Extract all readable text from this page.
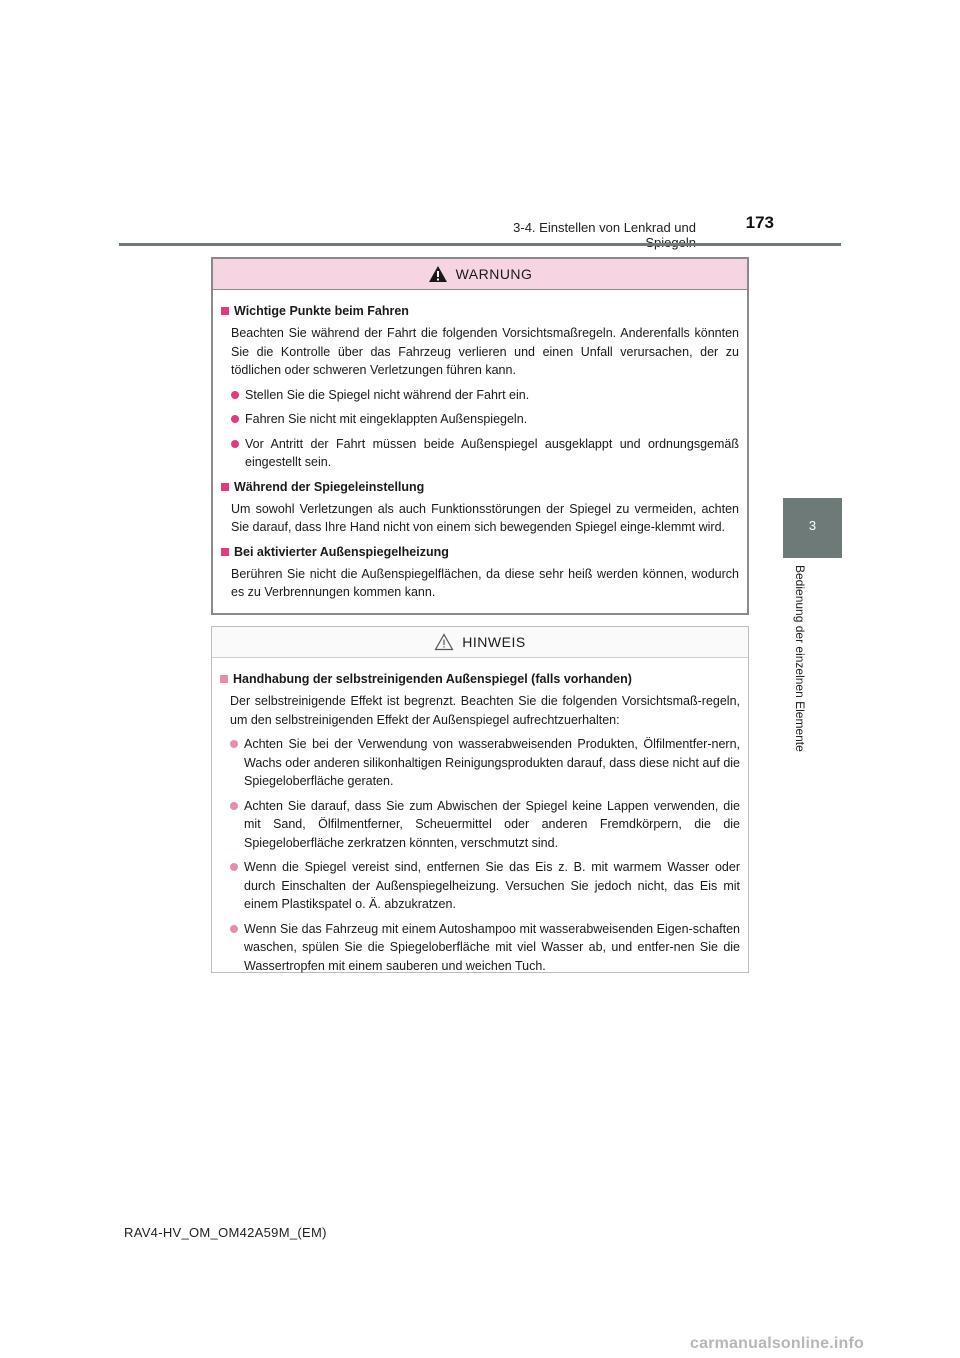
3-4. Einstellen von Lenkrad und	173
3
Bedienung der einzelnen Elemente
WARNUNG
Wichtige Punkte beim Fahren
Beachten Sie während der Fahrt die folgenden Vorsichtsmaßregeln. Anderenfalls könnten Sie die Kontrolle über das Fahrzeug verlieren und einen Unfall verursachen, der zu tödlichen oder schweren Verletzungen führen kann.
Stellen Sie die Spiegel nicht während der Fahrt ein.
Fahren Sie nicht mit eingeklappten Außenspiegeln.
Vor Antritt der Fahrt müssen beide Außenspiegel ausgeklappt und ordnungsgemäß eingestellt sein.
Während der Spiegeleinstellung
Um sowohl Verletzungen als auch Funktionsstörungen der Spiegel zu vermeiden, achten Sie darauf, dass Ihre Hand nicht von einem sich bewegenden Spiegel einge-klemmt wird.
Bei aktivierter Außenspiegelheizung
Berühren Sie nicht die Außenspiegelflächen, da diese sehr heiß werden können, wodurch es zu Verbrennungen kommen kann.
HINWEIS
Handhabung der selbstreinigenden Außenspiegel (falls vorhanden)
Der selbstreinigende Effekt ist begrenzt. Beachten Sie die folgenden Vorsichtsmaß-regeln, um den selbstreinigenden Effekt der Außenspiegel aufrechtzuerhalten:
Achten Sie bei der Verwendung von wasserabweisenden Produkten, Ölfilmentfer-nern, Wachs oder anderen silikonhaltigen Reinigungsprodukten darauf, dass diese nicht auf die Spiegeloberfläche geraten.
Achten Sie darauf, dass Sie zum Abwischen der Spiegel keine Lappen verwenden, die mit Sand, Ölfilmentferner, Scheuermittel oder anderen Fremdkörpern, die die Spiegeloberfläche zerkratzen könnten, verschmutzt sind.
Wenn die Spiegel vereist sind, entfernen Sie das Eis z. B. mit warmem Wasser oder durch Einschalten der Außenspiegelheizung. Versuchen Sie jedoch nicht, das Eis mit einem Plastikspatel o. Ä. abzukratzen.
Wenn Sie das Fahrzeug mit einem Autoshampoo mit wasserabweisenden Eigen-schaften waschen, spülen Sie die Spiegeloberfläche mit viel Wasser ab, und entfer-nen Sie die Wassertropfen mit einem sauberen und weichen Tuch.
RAV4-HV_OM_OM42A59M_(EM)
carmanualsonline.info
